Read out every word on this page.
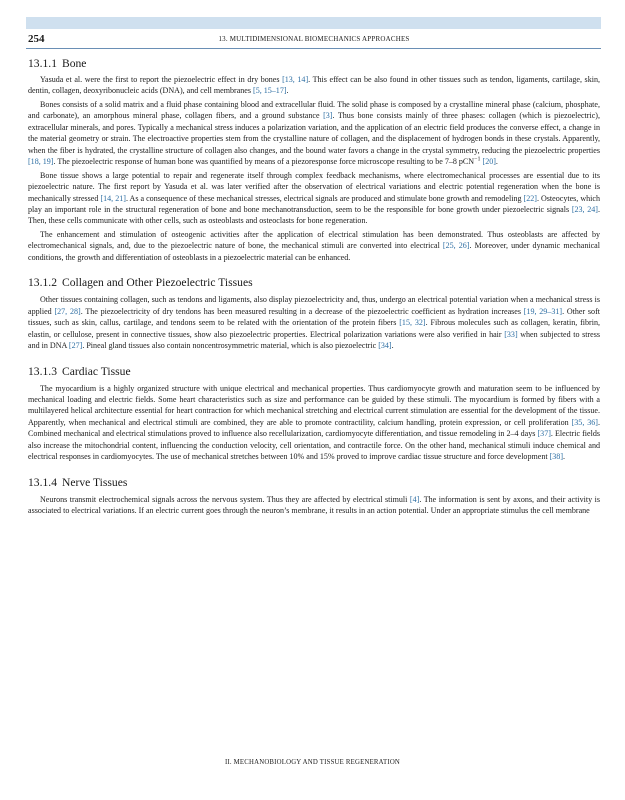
254	13. MULTIDIMENSIONAL BIOMECHANICS APPROACHES
13.1.1 Bone

Yasuda et al. were the first to report the piezoelectric effect in dry bones [13, 14]. This effect can be also found in other tissues such as tendon, ligaments, cartilage, skin, dentin, collagen, deoxyribonucleic acids (DNA), and cell membranes [5, 15–17].

Bones consists of a solid matrix and a fluid phase containing blood and extracellular fluid. The solid phase is composed by a crystalline mineral phase (calcium, phosphate, and carbonate), an amorphous mineral phase, collagen fibers, and a ground substance [3]. Thus bone consists mainly of three phases: collagen (which is piezoelectric), extracellular minerals, and pores. Typically a mechanical stress induces a polarization variation, and the application of an electric field produces the converse effect, a change in the material geometry or strain. The electroactive properties stem from the crystalline nature of collagen, and the displacement of hydrogen bonds in these crystals. Apparently, when the fiber is hydrated, the crystalline structure of collagen also changes, and the bound water favors a change in the crystal symmetry, reducing the piezoelectric properties [18, 19]. The piezoelectric response of human bone was quantified by means of a piezoresponse force microscope resulting to be 7–8 pCN$^{-1}$ [20].

Bone tissue shows a large potential to repair and regenerate itself through complex feedback mechanisms, where electromechanical processes are essential due to its piezoelectric nature. The first report by Yasuda et al. was later verified after the observation of electrical variations and electric potential regeneration when the bone is mechanically stressed [14, 21]. As a consequence of these mechanical stresses, electrical signals are produced and stimulate bone growth and remodeling [22]. Osteocytes, which play an important role in the structural regeneration of bone and bone mechanotransduction, seem to be the responsible for bone growth under piezoelectric signals [23, 24]. Then, these cells communicate with other cells, such as osteoblasts and osteoclasts for bone regeneration.

The enhancement and stimulation of osteogenic activities after the application of electrical stimulation has been demonstrated. Thus osteoblasts are affected by electromechanical signals, and, due to the piezoelectric nature of bone, the mechanical stimuli are converted into electrical [25, 26]. Moreover, under dynamic mechanical conditions, the growth and differentiation of osteoblasts in a piezoelectric material can be enhanced.

13.1.2 Collagen and Other Piezoelectric Tissues

Other tissues containing collagen, such as tendons and ligaments, also display piezoelectricity and, thus, undergo an electrical potential variation when a mechanical stress is applied [27, 28]. The piezoelectricity of dry tendons has been measured resulting in a decrease of the piezoelectric coefficient as hydration increases [19, 29–31]. Other soft tissues, such as skin, callus, cartilage, and tendons seem to be related with the orientation of the protein fibers [15, 32]. Fibrous molecules such as collagen, keratin, fibrin, elastin, or cellulose, present in connective tissues, show also piezoelectric properties. Electrical polarization variations were also verified in hair [33] when subjected to stress and in DNA [27]. Pineal gland tissues also contain noncentrosymmetric material, which is also piezoelectric [34].

13.1.3 Cardiac Tissue

The myocardium is a highly organized structure with unique electrical and mechanical properties. Thus cardiomyocyte growth and maturation seem to be influenced by mechanical loading and electric fields. Some heart characteristics such as size and performance can be guided by these stimuli. The myocardium is formed by fibers with a multilayered helical architecture essential for heart contraction for which mechanical stretching and electrical current stimulation are essential for the development of the tissue. Apparently, when mechanical and electrical stimuli are combined, they are able to promote contractility, calcium handling, protein expression, or cell proliferation [35, 36]. Combined mechanical and electrical stimulations proved to influence also recellularization, cardiomyocyte differentiation, and tissue remodeling in 2–4 days [37]. Electric fields also increase the mitochondrial content, influencing the conduction velocity, cell orientation, and contractile force. On the other hand, mechanical stimuli induce chemical and electrical responses in cardiomyocytes. The use of mechanical stretches between 10% and 15% proved to improve cardiac tissue structure and force development [38].

13.1.4 Nerve Tissues

Neurons transmit electrochemical signals across the nervous system. Thus they are affected by electrical stimuli [4]. The information is sent by axons, and their activity is associated to electrical variations. If an electric current goes through the neuron’s membrane, it results in an action potential. Under an appropriate stimulus the cell membrane

II. MECHANOBIOLOGY AND TISSUE REGENERATION
